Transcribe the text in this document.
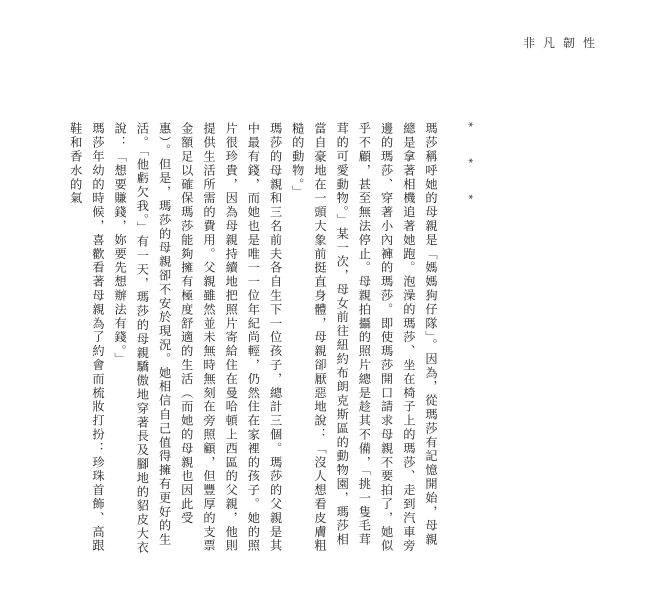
非凡韌性
* * *

瑪莎稱呼她的母親是「媽媽狗仔隊」。因為，從瑪莎有記憶開始，母親總是拿著相機追著她跑。泡澡的瑪莎、坐在椅子上的瑪莎、走到汽車旁邊的瑪莎、穿著小內褲的瑪莎。即使瑪莎開口請求母親不要拍了，她似乎不顧，甚至無法停止。母親拍攝的照片總是趁其不備，「挑一隻毛茸茸的可愛動物。」某一次，母女前往紐約布朗克斯區的動物園，瑪莎相當自豪地在一頭大象前挺直身體，母親卻厭惡地說：「沒人想看皮膚粗糙的動物。」

瑪莎的母親和三名前夫各自生下一位孩子，總計三個。瑪莎的父親是其中最有錢，而她也是唯一一位年紀尚輕，仍然住在家裡的孩子。她的照片很珍貴，因為母親持續地把照片寄給住在曼哈頓上西區的父親，他則提供生活所需的費用。父親雖然並未無時無刻在旁照顧，但豐厚的支票金額足以確保瑪莎能夠擁有極度舒適的生活（而她的母親也因此受惠）。但是，瑪莎的母親卻不安於現況。她相信自己值得擁有更好的生活。「他虧欠我。」有一天，瑪莎的母親驕傲地穿著長及腳地的貂皮大衣說：「想要賺錢，妳要先想辦法有錢。」

瑪莎年幼的時候，喜歡看著母親為了約會而梳妝打扮：珍珠首飾、高跟鞋和香水的氣
